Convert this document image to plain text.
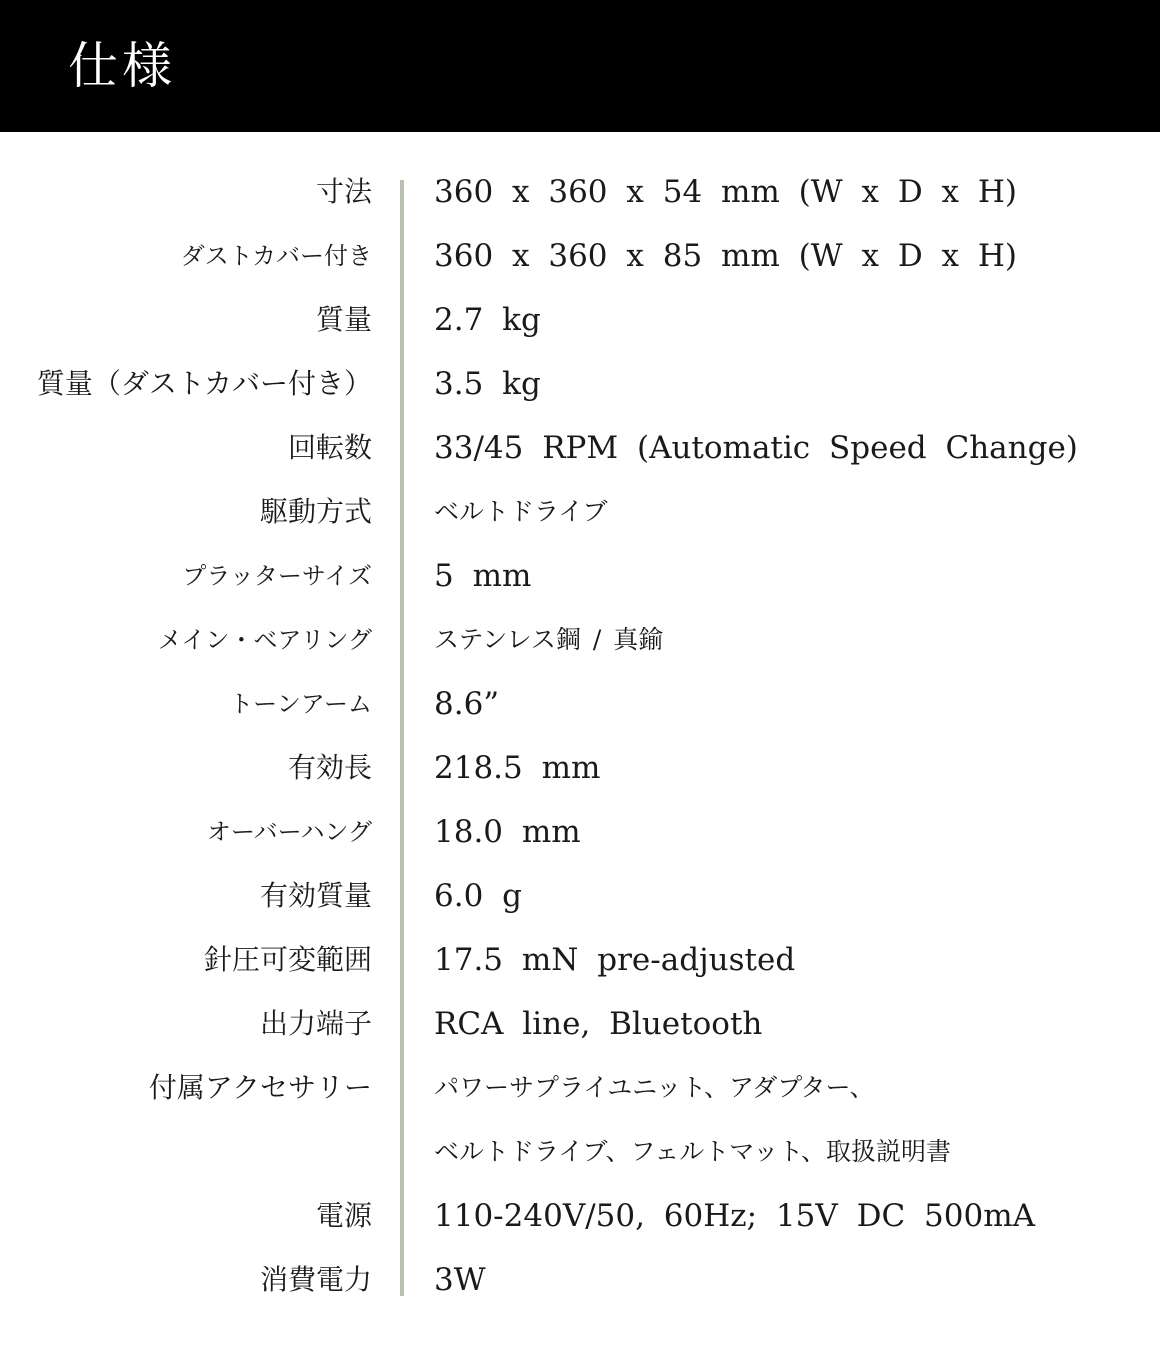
仕様
寸法 360 x 360 x 54 mm (W x D x H)
ダストカバー付き 360 x 360 x 85 mm (W x D x H)
質量 2.7 kg
質量（ダストカバー付き） 3.5 kg
回転数 33/45 RPM (Automatic Speed Change)
駆動方式 ベルトドライブ
プラッターサイズ 5 mm
メイン・ベアリング ステンレス鋼 / 真鍮
トーンアーム 8.6”
有効長 218.5 mm
オーバーハング 18.0 mm
有効質量 6.0 g
針圧可変範囲 17.5 mN pre-adjusted
出力端子 RCA line, Bluetooth
付属アクセサリー パワーサプライユニット、アダプター、
ベルトドライブ、フェルトマット、取扱説明書
電源 110-240V/50, 60Hz; 15V DC 500mA
消費電力 3W
